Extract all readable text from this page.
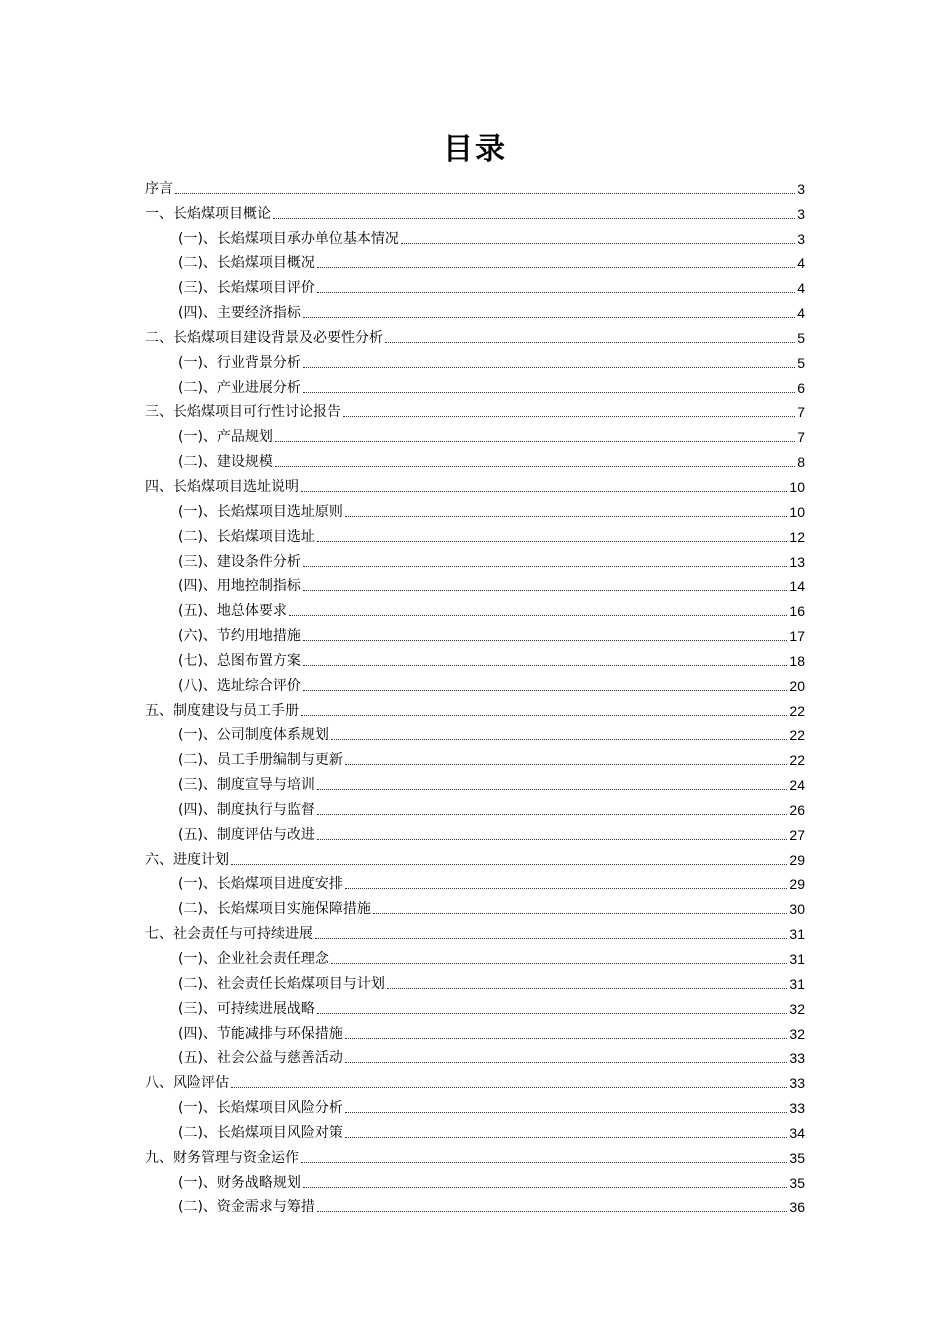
目录
序言	3
一、长焰煤项目概论	3
(一)、长焰煤项目承办单位基本情况	3
(二)、长焰煤项目概况	4
(三)、长焰煤项目评价	4
(四)、主要经济指标	4
二、长焰煤项目建设背景及必要性分析	5
(一)、行业背景分析	5
(二)、产业进展分析	6
三、长焰煤项目可行性讨论报告	7
(一)、产品规划	7
(二)、建设规模	8
四、长焰煤项目选址说明	10
(一)、长焰煤项目选址原则	10
(二)、长焰煤项目选址	12
(三)、建设条件分析	13
(四)、用地控制指标	14
(五)、地总体要求	16
(六)、节约用地措施	17
(七)、总图布置方案	18
(八)、选址综合评价	20
五、制度建设与员工手册	22
(一)、公司制度体系规划	22
(二)、员工手册编制与更新	22
(三)、制度宣导与培训	24
(四)、制度执行与监督	26
(五)、制度评估与改进	27
六、进度计划	29
(一)、长焰煤项目进度安排	29
(二)、长焰煤项目实施保障措施	30
七、社会责任与可持续进展	31
(一)、企业社会责任理念	31
(二)、社会责任长焰煤项目与计划	31
(三)、可持续进展战略	32
(四)、节能减排与环保措施	32
(五)、社会公益与慈善活动	33
八、风险评估	33
(一)、长焰煤项目风险分析	33
(二)、长焰煤项目风险对策	34
九、财务管理与资金运作	35
(一)、财务战略规划	35
(二)、资金需求与筹措	36
